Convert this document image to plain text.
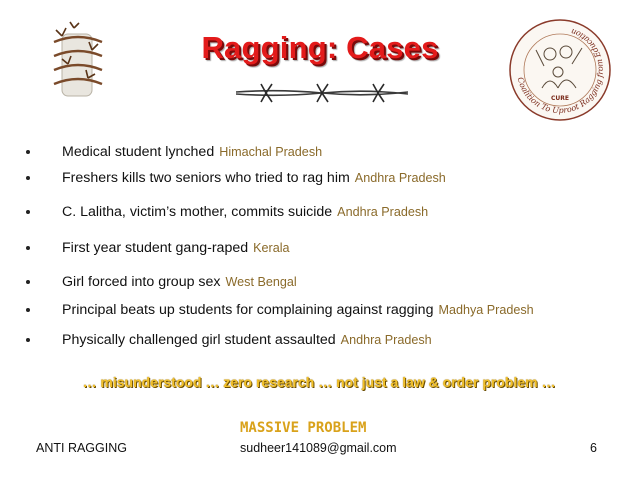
Ragging: Cases
Coalition To Uproot Ragging from Education
CURE
Medical student lynched Himachal Pradesh
Freshers kills two seniors who tried to rag him Andhra Pradesh
C. Lalitha, victim’s mother, commits suicide Andhra Pradesh
First year student gang-raped Kerala
Girl forced into group sex West Bengal
Principal beats up students for complaining against ragging Madhya Pradesh
Physically challenged girl student assaulted Andhra Pradesh
… misunderstood … zero research … not just a law & order problem …
MASSIVE PROBLEM
ANTI RAGGING	sudheer141089@gmail.com	6
